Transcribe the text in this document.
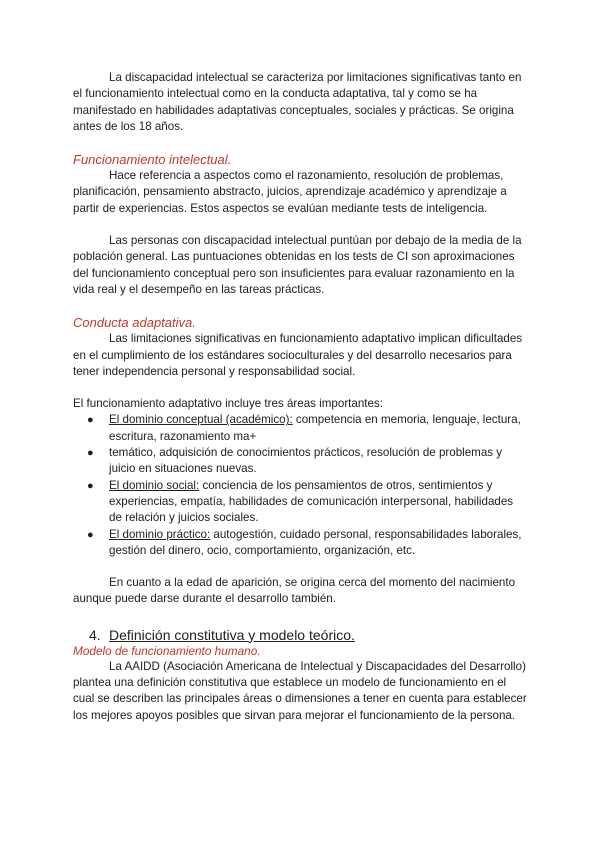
La discapacidad intelectual se caracteriza por limitaciones significativas tanto en el funcionamiento intelectual como en la conducta adaptativa, tal y como se ha manifestado en habilidades adaptativas conceptuales, sociales y prácticas. Se origina antes de los 18 años.

Funcionamiento intelectual.

Hace referencia a aspectos como el razonamiento, resolución de problemas, planificación, pensamiento abstracto, juicios, aprendizaje académico y aprendizaje a partir de experiencias. Estos aspectos se evalúan mediante tests de inteligencia.

Las personas con discapacidad intelectual puntúan por debajo de la media de la población general. Las puntuaciones obtenidas en los tests de CI son aproximaciones del funcionamiento conceptual pero son insuficientes para evaluar razonamiento en la vida real y el desempeño en las tareas prácticas.

Conducta adaptativa.

Las limitaciones significativas en funcionamiento adaptativo implican dificultades en el cumplimiento de los estándares socioculturales y del desarrollo necesarios para tener independencia personal y responsabilidad social.

El funcionamiento adaptativo incluye tres áreas importantes:

● El dominio conceptual (académico): competencia en memoria, lenguaje, lectura, escritura, razonamiento ma+
● temático, adquisición de conocimientos prácticos, resolución de problemas y juicio en situaciones nuevas.
● El dominio social: conciencia de los pensamientos de otros, sentimientos y experiencias, empatía, habilidades de comunicación interpersonal, habilidades de relación y juicios sociales.
● El dominio práctico: autogestión, cuidado personal, responsabilidades laborales, gestión del dinero, ocio, comportamiento, organización, etc.

En cuanto a la edad de aparición, se origina cerca del momento del nacimiento aunque puede darse durante el desarrollo también.

4. Definición constitutiva y modelo teórico.

Modelo de funcionamiento humano.

La AAIDD (Asociación Americana de Intelectual y Discapacidades del Desarrollo) plantea una definición constitutiva que establece un modelo de funcionamiento en el cual se describen las principales áreas o dimensiones a tener en cuenta para establecer los mejores apoyos posibles que sirvan para mejorar el funcionamiento de la persona.
